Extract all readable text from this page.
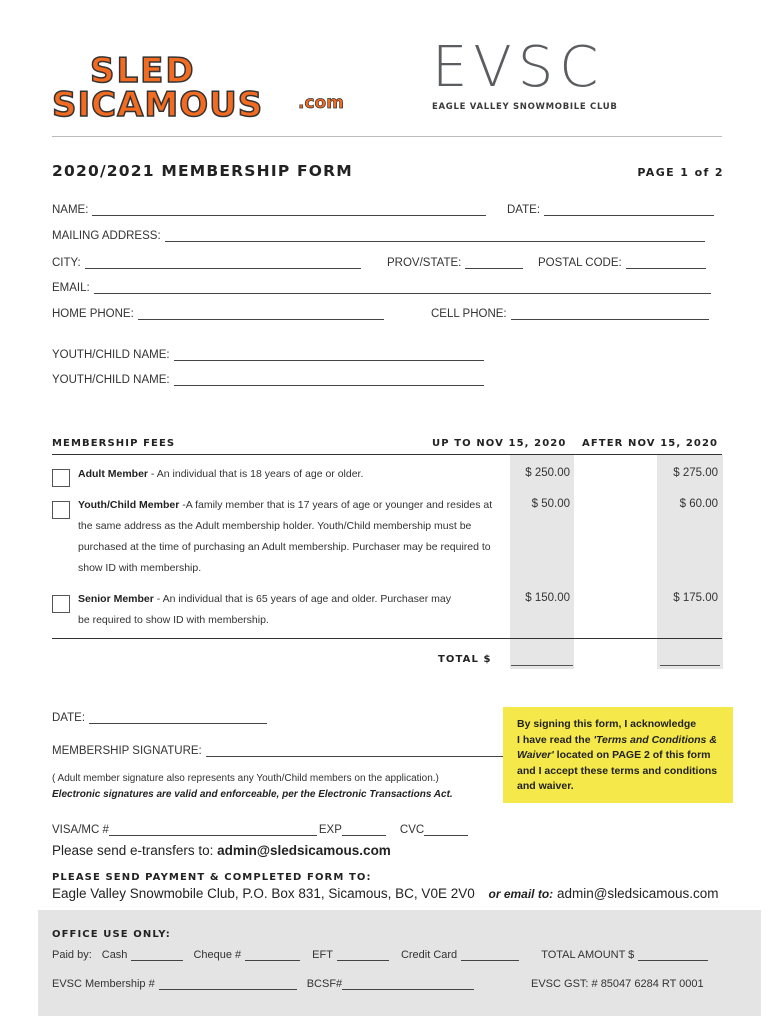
SLED
SICAMOUS .com
EVSC
EAGLE VALLEY SNOWMOBILE CLUB
2020/2021 MEMBERSHIP FORM	PAGE 1 of 2
NAME:	DATE:
MAILING ADDRESS:
CITY:	PROV/STATE:	POSTAL CODE:
EMAIL:
HOME PHONE:	CELL PHONE:
YOUTH/CHILD NAME:
YOUTH/CHILD NAME:
MEMBERSHIP FEES	UP TO NOV 15, 2020 AFTER NOV 15, 2020
Adult Member - An individual that is 18 years of age or older.	$ 250.00	$ 275.00
Youth/Child Member -A family member that is 17 years of age or younger and resides at
the same address as the Adult membership holder. Youth/Child membership must be
purchased at the time of purchasing an Adult membership. Purchaser may be required to
show ID with membership.
$ 50.00	$ 60.00
Senior Member - An individual that is 65 years of age and older. Purchaser may
be required to show ID with membership.
$ 150.00	$ 175.00
TOTAL $
DATE:
MEMBERSHIP SIGNATURE:
( Adult member signature also represents any Youth/Child members on the application.)
Electronic signatures are valid and enforceable, per the Electronic Transactions Act.
By signing this form, I acknowledge
I have read the 'Terms and Conditions &
Waiver' located on PAGE 2 of this form
and I accept these terms and conditions
and waiver.
VISA/MC #	EXP	CVC
Please send e-transfers to: admin@sledsicamous.com
PLEASE SEND PAYMENT & COMPLETED FORM TO:
Eagle Valley Snowmobile Club, P.O. Box 831, Sicamous, BC, V0E 2V0 or email to: admin@sledsicamous.com
OFFICE USE ONLY:
Paid by: Cash	Cheque #	EFT	Credit Card	TOTAL AMOUNT $
EVSC Membership #	BCSF#	EVSC GST: # 85047 6284 RT 0001
